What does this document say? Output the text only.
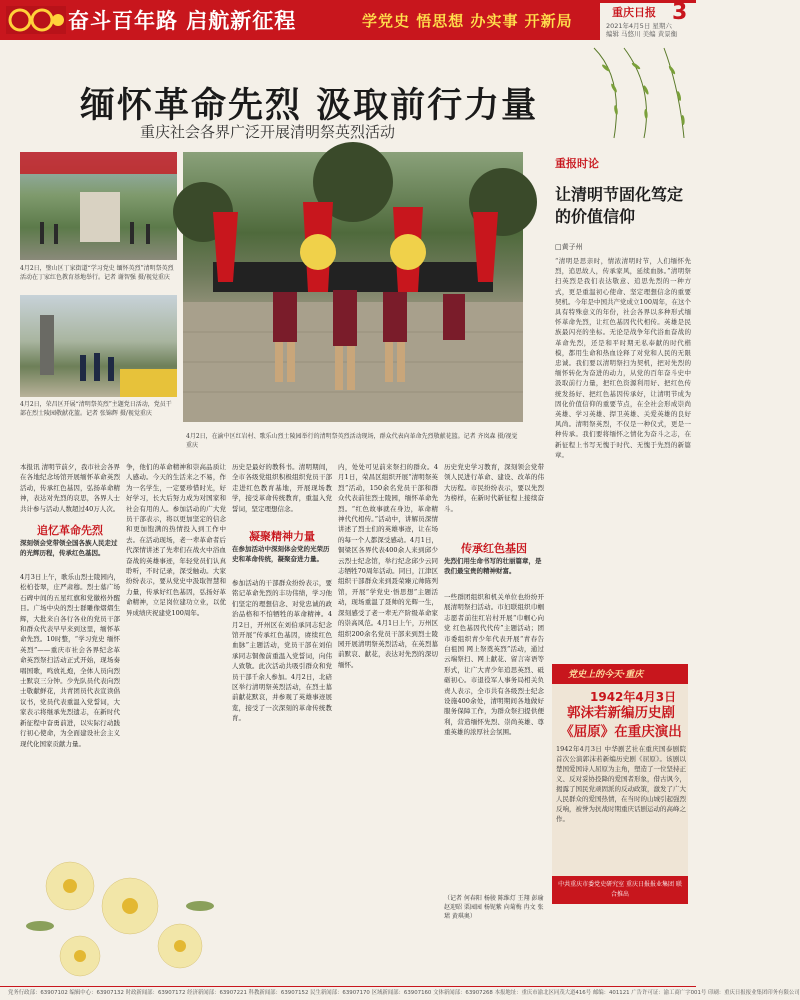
奋斗百年路 启航新征程	学党史 悟思想 办实事 开新局	重庆日报 3
2021年4月5日 星期六
编辑 马悠川 美编 黄景衡
缅怀革命先烈 汲取前行力量
重庆社会各界广泛开展清明祭英烈活动
4月2日，璧山区丁家街道“学习党史 缅怀英烈”清明祭英烈活动在丁家红色教育基地举行。记者 谢智强 摄/视觉重庆
4月2日，荣昌区开展“清明祭英烈”主题党日活动，党员干部在烈士陵园敬献花篮。记者 张锦辉 摄/视觉重庆
4月2日，在渝中区红岩村、歌乐山烈士陵园举行的清明祭英烈活动现场，群众代表向革命先烈敬献花篮。记者 齐岚森 摄/视觉重庆
重报时论
让清明节固化笃定的价值信仰
□黄子州
“清明是思亲时，情浓清明时节，人们缅怀先烈，追思故人，传承家风，延续血脉。”清明祭扫英烈是我们表达敬意、追思先烈的一种方式，更是重温初心使命、坚定理想信念的重要契机。今年是中国共产党成立100周年，在这个具有特殊意义的年份，社会各界以多种形式缅怀革命先烈，让红色基因代代相传。英雄是民族最闪亮的坐标。无论是战争年代浴血奋战的革命先烈，还是和平时期无私奉献的时代楷模，都用生命和热血诠释了对党和人民的无限忠诚。我们要以清明祭扫为契机，把对先烈的缅怀转化为奋进的动力，从党的百年奋斗史中汲取前行力量，把红色资源利用好、把红色传统发扬好、把红色基因传承好，让清明节成为固化价值信仰的重要节点，在全社会形成崇尚英雄、学习英雄、捍卫英雄、关爱英雄的良好风尚。清明祭英烈，不仅是一种仪式，更是一种传承。我们要将缅怀之情化为奋斗之志，在新征程上书写无愧于时代、无愧于先烈的新篇章。
党史上的今天·重庆
1942年4月3日
郭沫若新编历史剧《屈原》在重庆演出
1942年4月3日 中华剧艺社在重庆国泰剧院首次公演郭沫若新编历史剧《屈原》。该剧以楚国爱国诗人屈原为主角，塑造了一位坚持正义、反对妥协投降的爱国者形象，借古讽今，揭露了国民党顽固派的反动政策，激发了广大人民群众的爱国热情，在当时的山城引起强烈反响，被誉为抗战时期重庆话剧运动的高峰之作。
中共重庆市委党史研究室 重庆日报报业集团 联合推出
本报讯 清明节前夕，我市社会各界在各地纪念场馆开展缅怀革命英烈活动，传承红色基因，弘扬革命精神，表达对先烈的哀思，各界人士共计参与活动人数超过40万人次。
追忆革命先烈
深刻领会党带领全国各族人民走过的光辉历程，传承红色基因。
4月3日上午，歌乐山烈士陵园内，松柏苍翠，庄严肃穆。烈士墓广场石碑中间的五星红旗和党徽格外醒目。广场中央的烈士群雕像熠熠生辉，大批来自各行各业的党员干部和群众代表早早来到这里，缅怀革命先烈。10时整，“学习党史 缅怀英烈”——重庆市社会各界纪念革命英烈祭扫活动正式开始，现场奏唱国歌，鸣放礼炮，全体人员向烈士默哀三分钟。少先队员代表向烈士敬献鲜花，共青团员代表宣读倡议书，党员代表重温入党誓词，大家表示将继承先烈遗志，在新时代新征程中奋勇前进，以实际行动践行初心使命，为全面建设社会主义现代化国家贡献力量。
争，他们的革命精神和崇高品质让人感动。今天的生活来之不易，作为一名学生，一定要珍惜时光，好好学习，长大后努力成为对国家和社会有用的人。参加活动的广大党员干部表示，将以更加坚定的信念和更加饱满的热情投入到工作中去。在活动现场，老一辈革命者后代深情讲述了先辈们在战火中浴血奋战的英雄事迹，年轻党员们认真聆听，不时记录，深受触动。大家纷纷表示，要从党史中汲取智慧和力量，传承好红色基因，弘扬好革命精神，立足岗位建功立业，以优异成绩庆祝建党100周年。
历史是最好的教科书。清明期间，全市各级党组织积极组织党员干部走进红色教育基地，开展现场教学，接受革命传统教育，重温入党誓词，坚定理想信念。
凝聚精神力量
在参加活动中深刻体会党的光荣历史和革命传统，凝聚奋进力量。
参加活动的干部群众纷纷表示，要铭记革命先烈的丰功伟绩，学习他们坚定的理想信念、对党忠诚的政治品格和不怕牺牲的革命精神。4月2日，开州区在刘伯承同志纪念馆开展“传承红色基因，赓续红色血脉”主题活动，党员干部在刘伯承同志铜像前重温入党誓词，向伟人致敬。此次活动共吸引群众和党员干部千余人参加。4月2日，北碚区举行清明祭英烈活动，在烈士墓前献花默哀，并参观了英雄事迹展览，接受了一次深刻的革命传统教育。
内，处处可见前来祭扫的群众。4月1日，荣昌区组织开展“清明祭英烈”活动，150余名党员干部和群众代表前往烈士陵园，缅怀革命先烈。“红色故事就在身边，革命精神代代相传。”活动中，讲解员深情讲述了烈士们的英雄事迹，让在场的每一个人都深受感动。4月1日，铜梁区各界代表400余人来到邱少云烈士纪念馆，举行纪念邱少云同志牺牲70周年活动。同日，江津区组织干部群众来到聂荣臻元帅陈列馆，开展“学党史·悟思想”主题活动，现场重温了聂帅的光辉一生，深刻感受了老一辈无产阶级革命家的崇高风范。4月1日上午，万州区组织200余名党员干部来到烈士陵园开展清明祭英烈活动，在英烈墓前默哀、献花，表达对先烈的深切缅怀。
历史党史学习教育，深刻领会党带领人民进行革命、建设、改革的伟大历程。市民纷纷表示，要以先烈为榜样，在新时代新征程上接续奋斗。
传承红色基因
先烈们用生命书写的壮丽篇章，是我们最宝贵的精神财富。
一些群团组织和机关单位也纷纷开展清明祭扫活动。市妇联组织巾帼志愿者前往红岩村开展“巾帼心向党 红色基因代代传”主题活动；团市委组织青少年代表开展“青春告白祖国 网上祭奠英烈”活动，通过云端祭扫、网上献花、留言寄语等形式，让广大青少年追思英烈、砥砺初心。市退役军人事务局相关负责人表示，全市共有各级烈士纪念设施400余处，清明期间各地做好服务保障工作，为群众祭扫提供便利，营造缅怀先烈、崇尚英雄、尊重英雄的浓厚社会氛围。
（记者 何春阳 杨骏 陈维灯 王翔 彭瑜 赵迎昭 栗园园 杨铌紫 向菊梅 冉文 张珺 黄琪奥）
党务行政部：63907102 编辑中心：63907132 时政新闻部：63907172 经济新闻部：63907221 科教新闻部：63907152 民生新闻部：63907170 区域新闻部：63907160 文体新闻部：63907268 本报地址：重庆市渝北区同茂大道416号 邮编：401121 广告许可证：渝工商广字001号 印刷：重庆日报报业集团印务有限公司
